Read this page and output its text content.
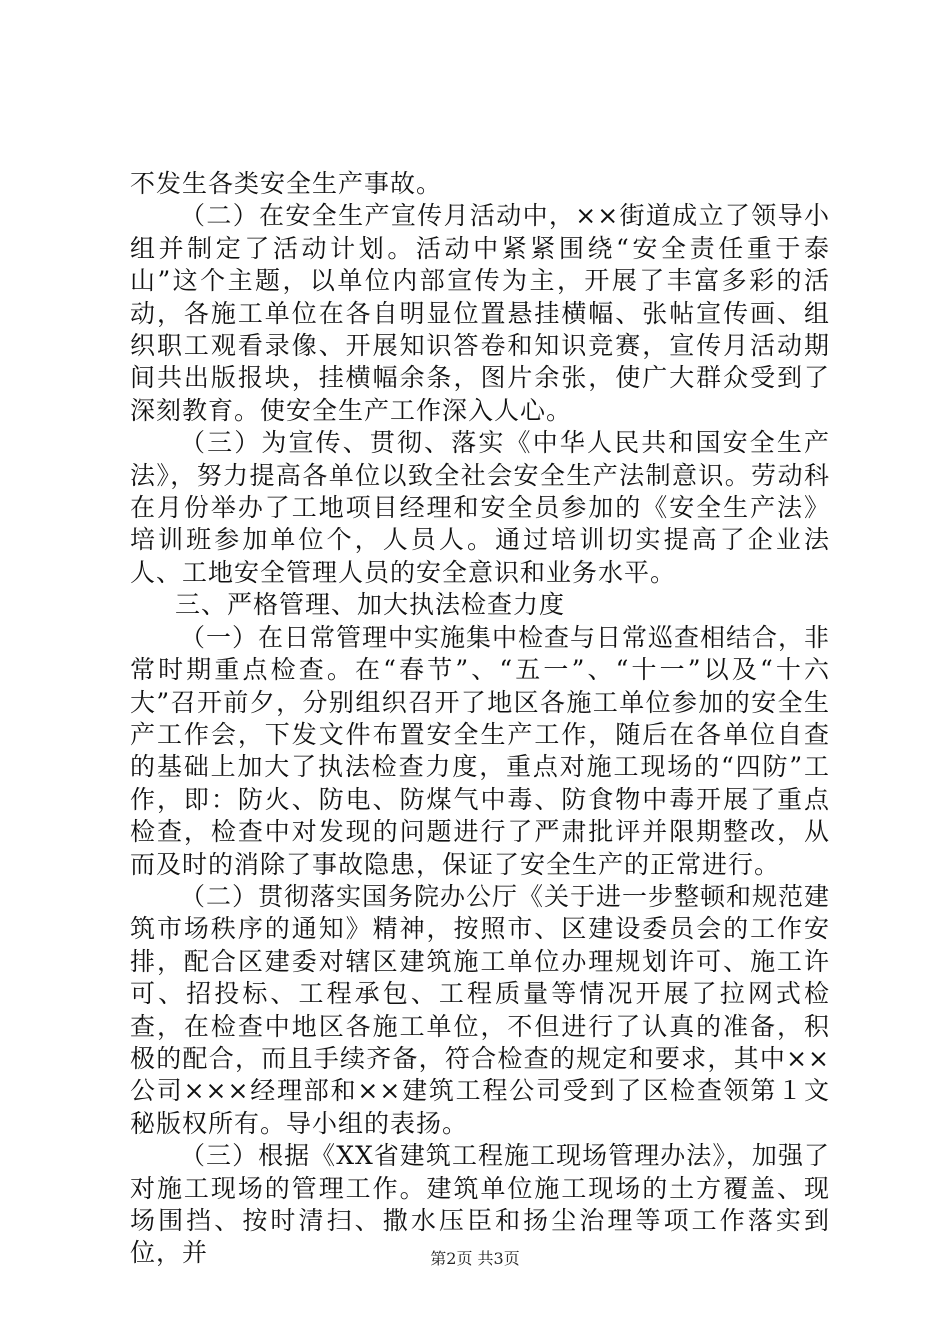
不发生各类安全生产事故。

（二）在安全生产宣传月活动中，××街道成立了领导小组并制定了活动计划。活动中紧紧围绕“安全责任重于泰山”这个主题，以单位内部宣传为主，开展了丰富多彩的活动，各施工单位在各自明显位置悬挂横幅、张帖宣传画、组织职工观看录像、开展知识答卷和知识竞赛，宣传月活动期间共出版报块，挂横幅余条，图片余张，使广大群众受到了深刻教育。使安全生产工作深入人心。

（三）为宣传、贯彻、落实《中华人民共和国安全生产法》，努力提高各单位以致全社会安全生产法制意识。劳动科在月份举办了工地项目经理和安全员参加的《安全生产法》培训班参加单位个，人员人。通过培训切实提高了企业法人、工地安全管理人员的安全意识和业务水平。

三、严格管理、加大执法检查力度

（一）在日常管理中实施集中检查与日常巡查相结合，非常时期重点检查。在“春节”、“五一”、“十一”以及“十六大”召开前夕，分别组织召开了地区各施工单位参加的安全生产工作会，下发文件布置安全生产工作，随后在各单位自查的基础上加大了执法检查力度，重点对施工现场的“四防”工作，即：防火、防电、防煤气中毒、防食物中毒开展了重点检查，检查中对发现的问题进行了严肃批评并限期整改，从而及时的消除了事故隐患，保证了安全生产的正常进行。

（二）贯彻落实国务院办公厅《关于进一步整顿和规范建筑市场秩序的通知》精神，按照市、区建设委员会的工作安排，配合区建委对辖区建筑施工单位办理规划许可、施工许可、招投标、工程承包、工程质量等情况开展了拉网式检查，在检查中地区各施工单位，不但进行了认真的准备，积极的配合，而且手续齐备，符合检查的规定和要求，其中××公司×××经理部和××建筑工程公司受到了区检查领第１文秘版权所有。导小组的表扬。

（三）根据《XX省建筑工程施工现场管理办法》，加强了对施工现场的管理工作。建筑单位施工现场的土方覆盖、现场围挡、按时清扫、撒水压臣和扬尘治理等项工作落实到位，并	第2页 共3页
